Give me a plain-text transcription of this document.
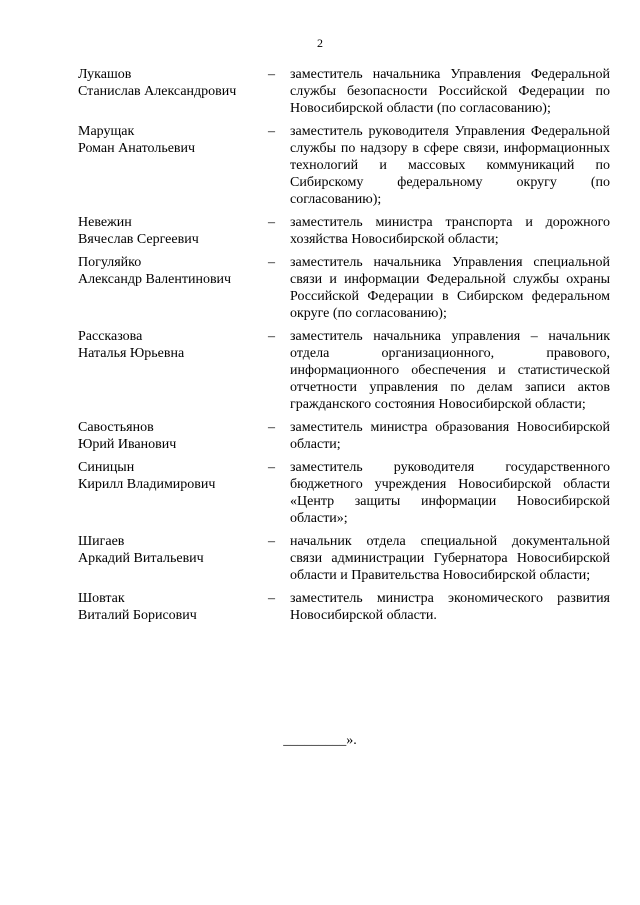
2
Лукашов
Станислав Александрович
–	заместитель начальника Управления Федеральной службы безопасности Российской Федерации по Новосибирской области (по согласованию);
Марущак
Роман Анатольевич
–	заместитель руководителя Управления Федеральной службы по надзору в сфере связи, информационных технологий и массовых коммуникаций по Сибирскому федеральному округу (по согласованию);
Невежин
Вячеслав Сергеевич
–	заместитель министра транспорта и дорожного хозяйства Новосибирской области;
Погуляйко
Александр Валентинович
–	заместитель начальника Управления специальной связи и информации Федеральной службы охраны Российской Федерации в Сибирском федеральном округе (по согласованию);
Рассказова
Наталья Юрьевна
–	заместитель начальника управления – начальник отдела организационного, правового, информационного обеспечения и статистической отчетности управления по делам записи актов гражданского состояния Новосибирской области;
Савостьянов
Юрий Иванович
–	заместитель министра образования Новосибирской области;
Синицын
Кирилл Владимирович
–	заместитель руководителя государственного бюджетного учреждения Новосибирской области «Центр защиты информации Новосибирской области»;
Шигаев
Аркадий Витальевич
–	начальник отдела специальной документальной связи администрации Губернатора Новосибирской области и Правительства Новосибирской области;
Шовтак
Виталий Борисович
–	заместитель министра экономического развития Новосибирской области.
_________».
